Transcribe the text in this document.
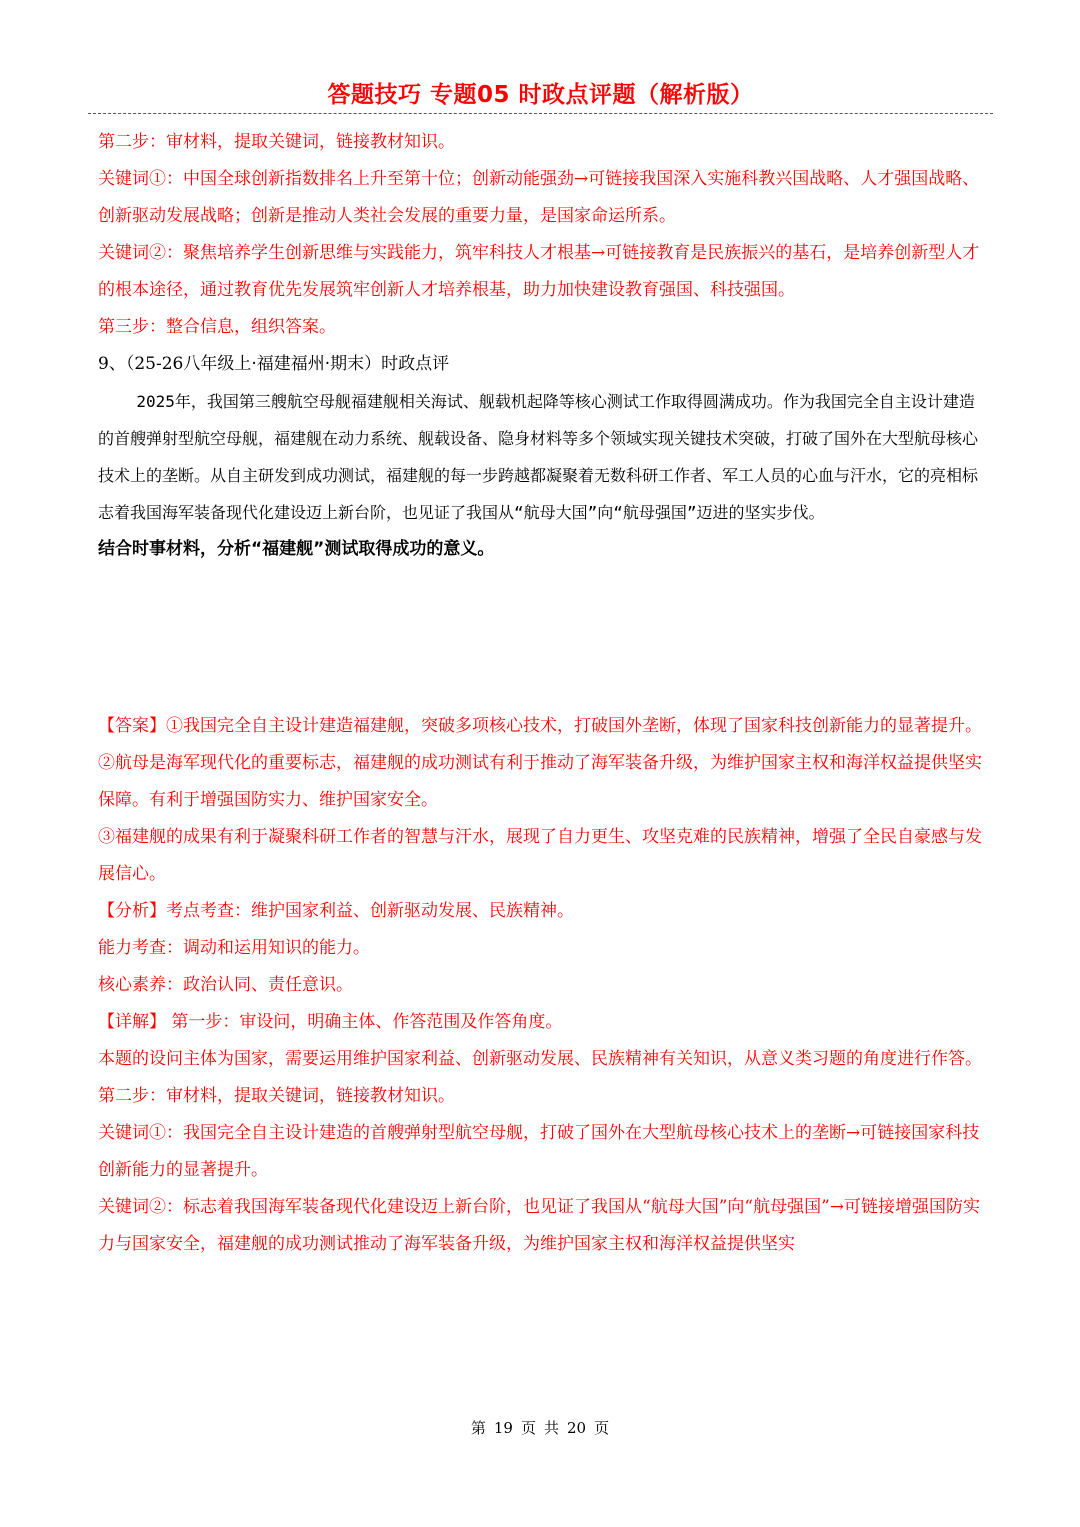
答题技巧 专题05 时政点评题（解析版）

第二步：审材料，提取关键词，链接教材知识。

关键词①：中国全球创新指数排名上升至第十位；创新动能强劲→可链接我国深入实施科教兴国战略、人才强国战略、创新驱动发展战略；创新是推动人类社会发展的重要力量，是国家命运所系。

关键词②：聚焦培养学生创新思维与实践能力，筑牢科技人才根基→可链接教育是民族振兴的基石，是培养创新型人才的根本途径，通过教育优先发展筑牢创新人才培养根基，助力加快建设教育强国、科技强国。

第三步：整合信息，组织答案。

9、（25-26八年级上·福建福州·期末）时政点评

2025年，我国第三艘航空母舰福建舰相关海试、舰载机起降等核心测试工作取得圆满成功。作为我国完全自主设计建造的首艘弹射型航空母舰，福建舰在动力系统、舰载设备、隐身材料等多个领域实现关键技术突破，打破了国外在大型航母核心技术上的垄断。从自主研发到成功测试，福建舰的每一步跨越都凝聚着无数科研工作者、军工人员的心血与汗水，它的亮相标志着我国海军装备现代化建设迈上新台阶，也见证了我国从“航母大国”向“航母强国”迈进的坚实步伐。

结合时事材料，分析“福建舰”测试取得成功的意义。

【答案】①我国完全自主设计建造福建舰，突破多项核心技术，打破国外垄断，体现了国家科技创新能力的显著提升。

②航母是海军现代化的重要标志，福建舰的成功测试有利于推动了海军装备升级，为维护国家主权和海洋权益提供坚实保障。有利于增强国防实力、维护国家安全。

③福建舰的成果有利于凝聚科研工作者的智慧与汗水，展现了自力更生、攻坚克难的民族精神，增强了全民自豪感与发展信心。

【分析】考点考查：维护国家利益、创新驱动发展、民族精神。

能力考查：调动和运用知识的能力。

核心素养：政治认同、责任意识。

【详解】 第一步：审设问，明确主体、作答范围及作答角度。

本题的设问主体为国家，需要运用维护国家利益、创新驱动发展、民族精神有关知识，从意义类习题的角度进行作答。

第二步：审材料，提取关键词，链接教材知识。

关键词①：我国完全自主设计建造的首艘弹射型航空母舰，打破了国外在大型航母核心技术上的垄断→可链接国家科技创新能力的显著提升。

关键词②：标志着我国海军装备现代化建设迈上新台阶，也见证了我国从“航母大国”向“航母强国”→可链接增强国防实力与国家安全，福建舰的成功测试推动了海军装备升级，为维护国家主权和海洋权益提供坚实

第 19 页 共 20 页
